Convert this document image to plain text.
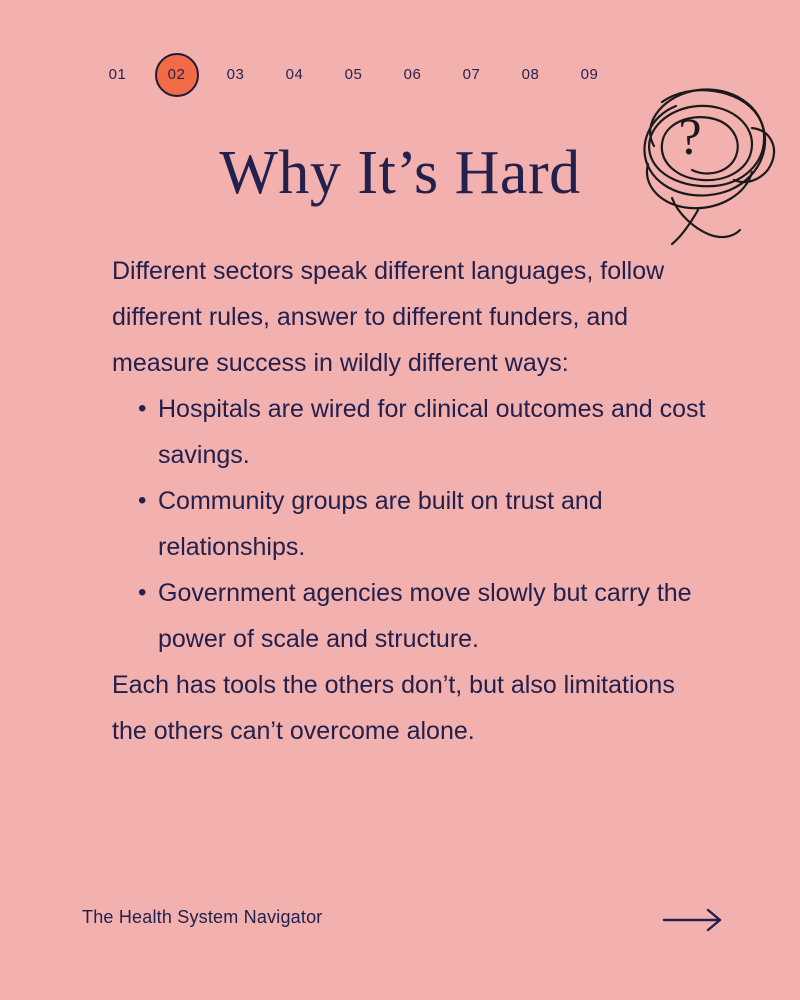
01	02	03	04	05	06	07	08	09
?
Why It’s Hard

Different sectors speak different languages, follow different rules, answer to different funders, and measure success in wildly different ways:

• Hospitals are wired for clinical outcomes and cost savings.
• Community groups are built on trust and relationships.
• Government agencies move slowly but carry the power of scale and structure.

Each has tools the others don’t, but also limitations the others can’t overcome alone.

The Health System Navigator
